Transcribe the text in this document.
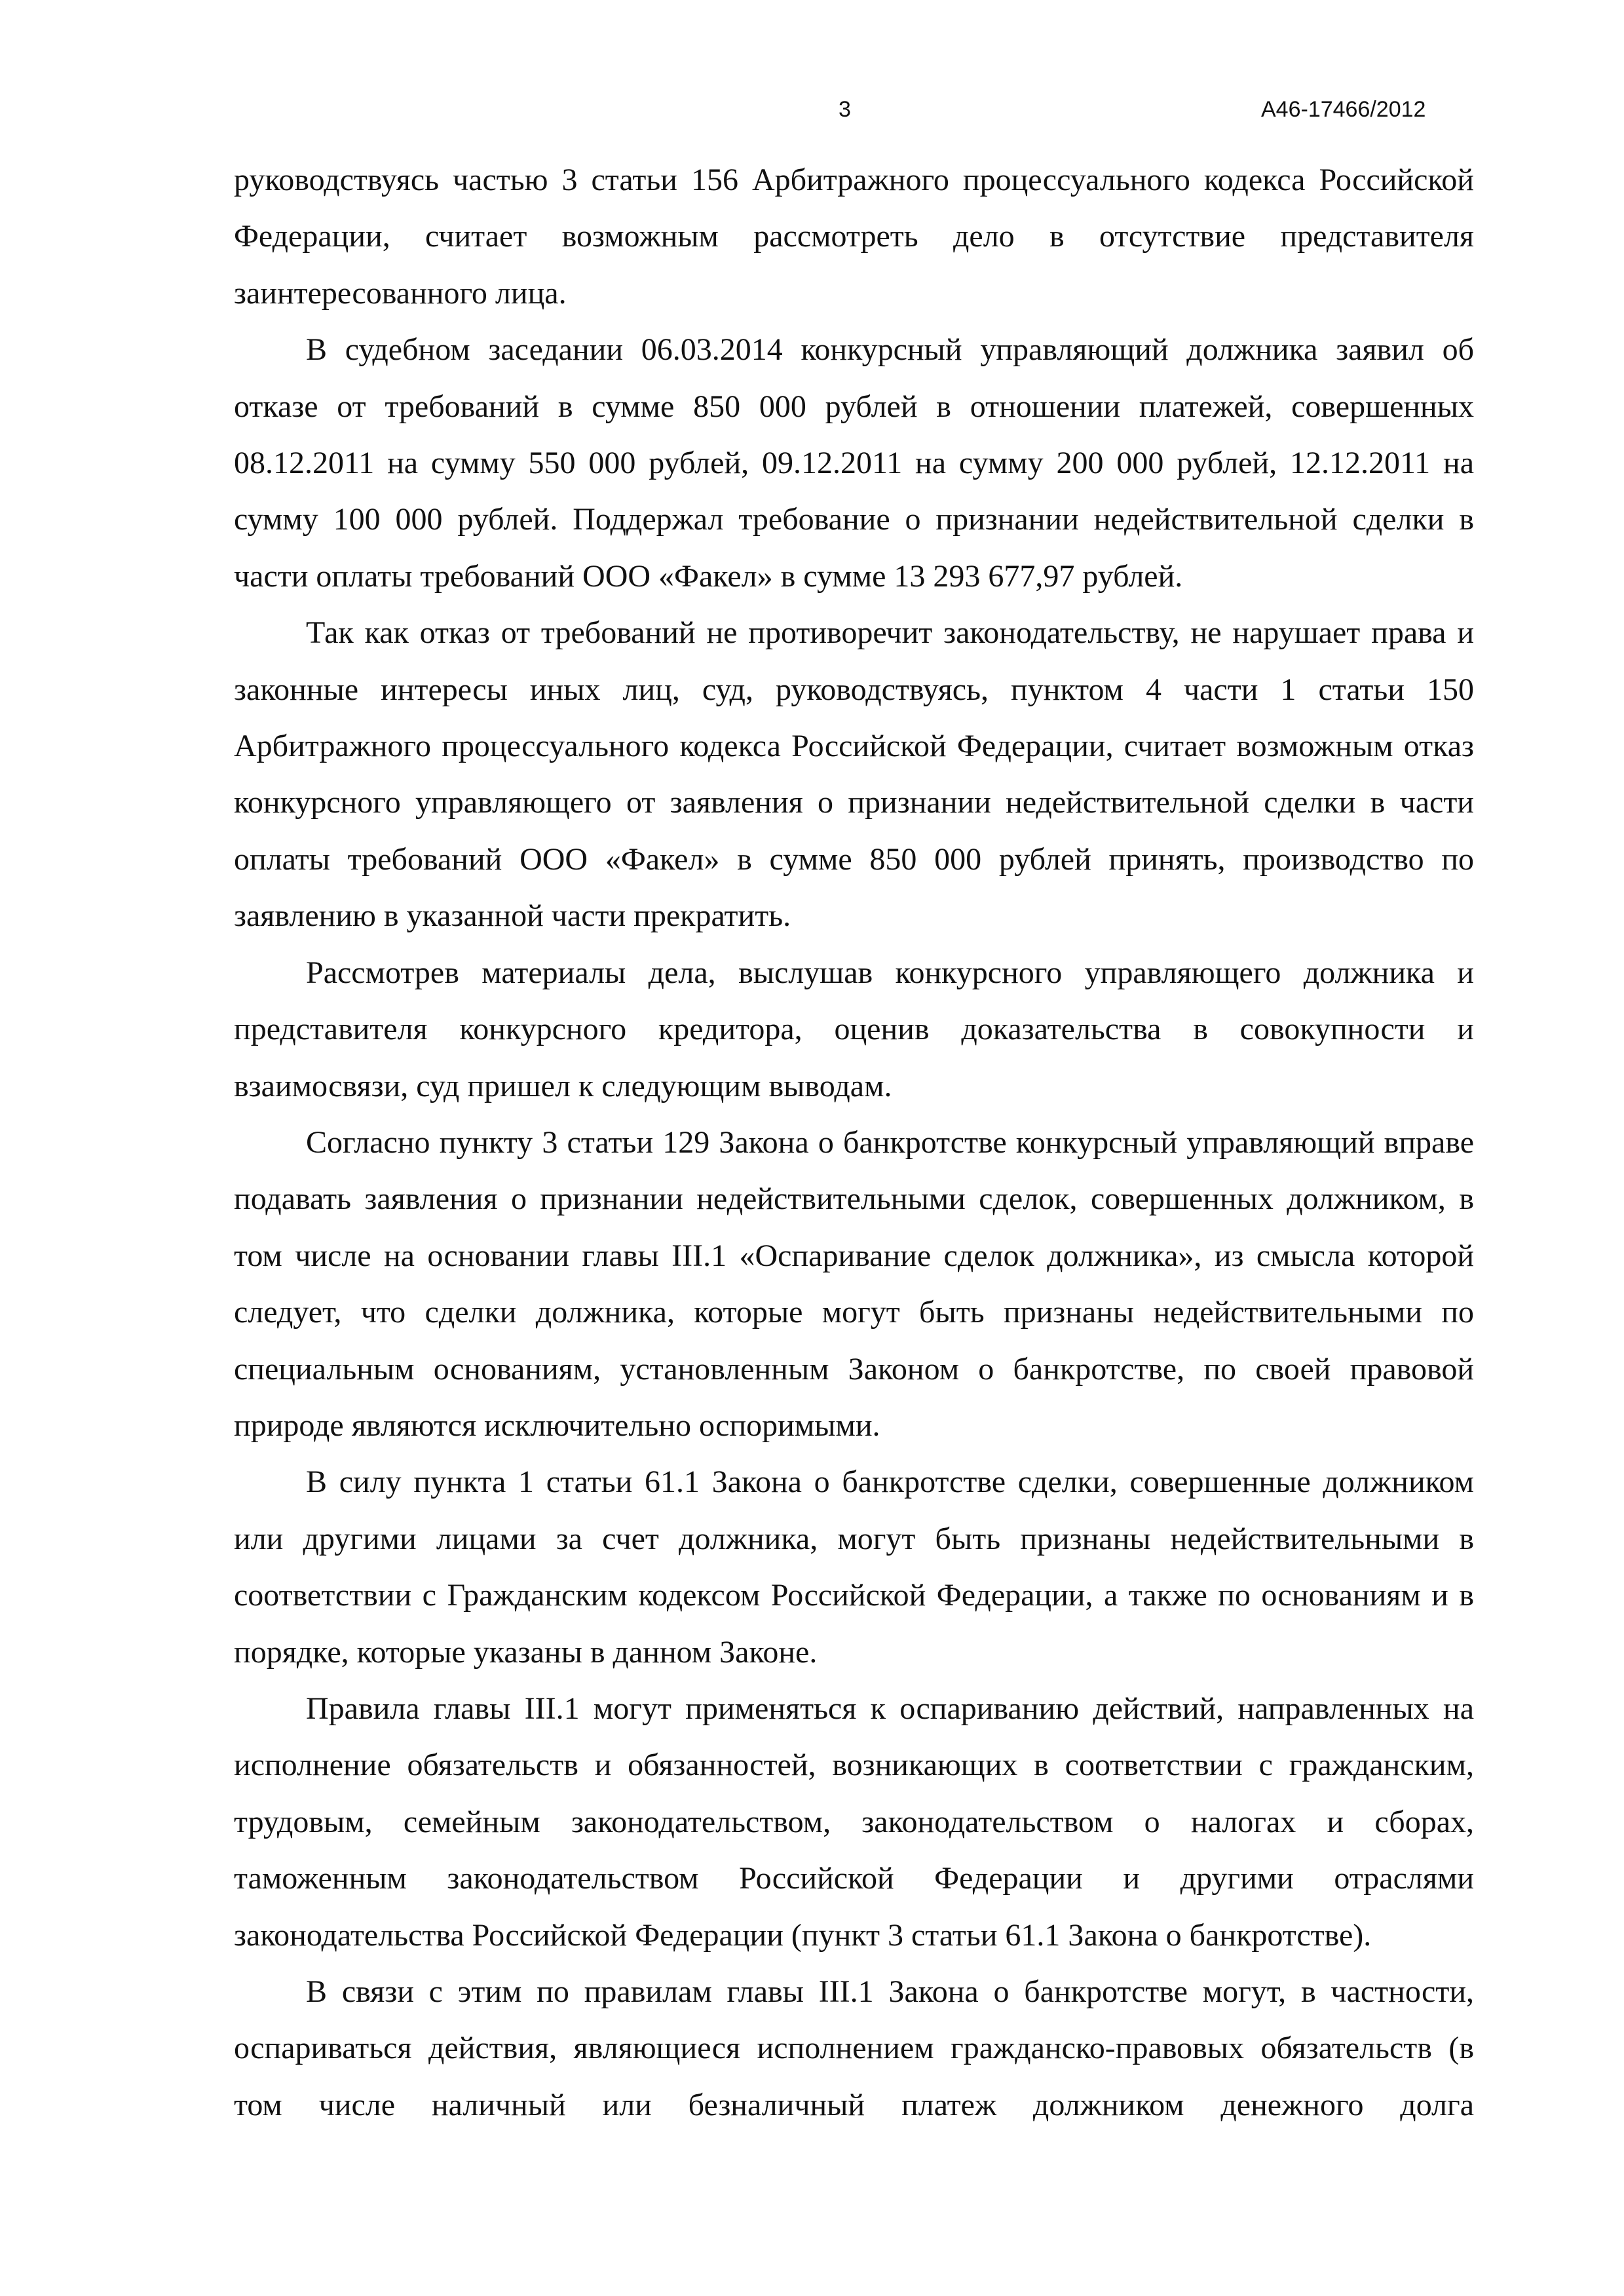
3	А46-17466/2012

руководствуясь частью 3 статьи 156 Арбитражного процессуального кодекса Российской Федерации, считает возможным рассмотреть дело в отсутствие представителя заинтересованного лица.

В судебном заседании 06.03.2014 конкурсный управляющий должника заявил об отказе от требований в сумме 850 000 рублей в отношении платежей, совершенных 08.12.2011 на сумму 550 000 рублей, 09.12.2011 на сумму 200 000 рублей, 12.12.2011 на сумму 100 000 рублей. Поддержал требование о признании недействительной сделки в части оплаты требований ООО «Факел» в сумме 13 293 677,97 рублей.

Так как отказ от требований не противоречит законодательству, не нарушает права и законные интересы иных лиц, суд, руководствуясь, пунктом 4 части 1 статьи 150 Арбитражного процессуального кодекса Российской Федерации, считает возможным отказ конкурсного управляющего от заявления о признании недействительной сделки в части оплаты требований ООО «Факел» в сумме 850 000 рублей принять, производство по заявлению в указанной части прекратить.

Рассмотрев материалы дела, выслушав конкурсного управляющего должника и представителя конкурсного кредитора, оценив доказательства в совокупности и взаимосвязи, суд пришел к следующим выводам.

Согласно пункту 3 статьи 129 Закона о банкротстве конкурсный управляющий вправе подавать заявления о признании недействительными сделок, совершенных должником, в том числе на основании главы III.1 «Оспаривание сделок должника», из смысла которой следует, что сделки должника, которые могут быть признаны недействительными по специальным основаниям, установленным Законом о банкротстве, по своей правовой природе являются исключительно оспоримыми.

В силу пункта 1 статьи 61.1 Закона о банкротстве сделки, совершенные должником или другими лицами за счет должника, могут быть признаны недействительными в соответствии с Гражданским кодексом Российской Федерации, а также по основаниям и в порядке, которые указаны в данном Законе.

Правила главы III.1 могут применяться к оспариванию действий, направленных на исполнение обязательств и обязанностей, возникающих в соответствии с гражданским, трудовым, семейным законодательством, законодательством о налогах и сборах, таможенным законодательством Российской Федерации и другими отраслями законодательства Российской Федерации (пункт 3 статьи 61.1 Закона о банкротстве).

В связи с этим по правилам главы III.1 Закона о банкротстве могут, в частности, оспариваться действия, являющиеся исполнением гражданско-правовых обязательств (в том числе наличный или безналичный платеж должником денежного долга
